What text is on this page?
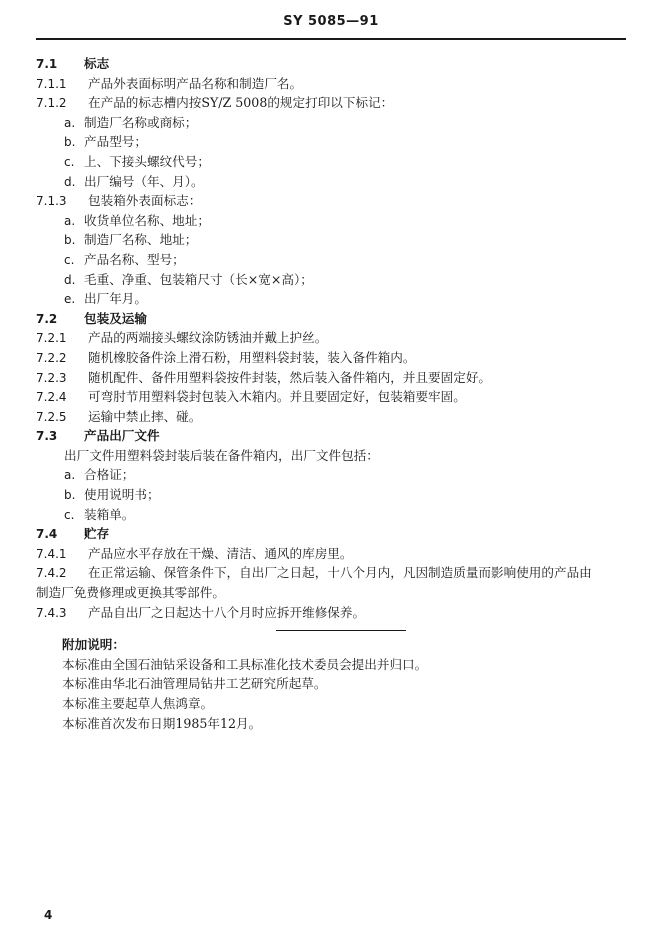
SY 5085—91
7.1 标志
7.1.1 产品外表面标明产品名称和制造厂名。
7.1.2 在产品的标志槽内按SY/Z 5008的规定打印以下标记：
a. 制造厂名称或商标；
b. 产品型号；
c. 上、下接头螺纹代号；
d. 出厂编号（年、月）。
7.1.3 包装箱外表面标志：
a. 收货单位名称、地址；
b. 制造厂名称、地址；
c. 产品名称、型号；
d. 毛重、净重、包装箱尺寸（长×宽×高）；
e. 出厂年月。
7.2 包装及运输
7.2.1 产品的两端接头螺纹涂防锈油并戴上护丝。
7.2.2 随机橡胶备件涂上滑石粉，用塑料袋封装，装入备件箱内。
7.2.3 随机配件、备件用塑料袋按件封装，然后装入备件箱内，并且要固定好。
7.2.4 可弯肘节用塑料袋封包装入木箱内。并且要固定好，包装箱要牢固。
7.2.5 运输中禁止摔、碰。
7.3 产品出厂文件
出厂文件用塑料袋封装后装在备件箱内，出厂文件包括：
a. 合格证；
b. 使用说明书；
c. 装箱单。
7.4 贮存
7.4.1 产品应水平存放在干燥、清洁、通风的库房里。
7.4.2 在正常运输、保管条件下，自出厂之日起，十八个月内，凡因制造质量而影响使用的产品由
制造厂免费修理或更换其零部件。
7.4.3 产品自出厂之日起达十八个月时应拆开维修保养。
附加说明：
本标准由全国石油钻采设备和工具标准化技术委员会提出并归口。
本标准由华北石油管理局钻井工艺研究所起草。
本标准主要起草人焦鸿章。
本标准首次发布日期1985年12月。
4
